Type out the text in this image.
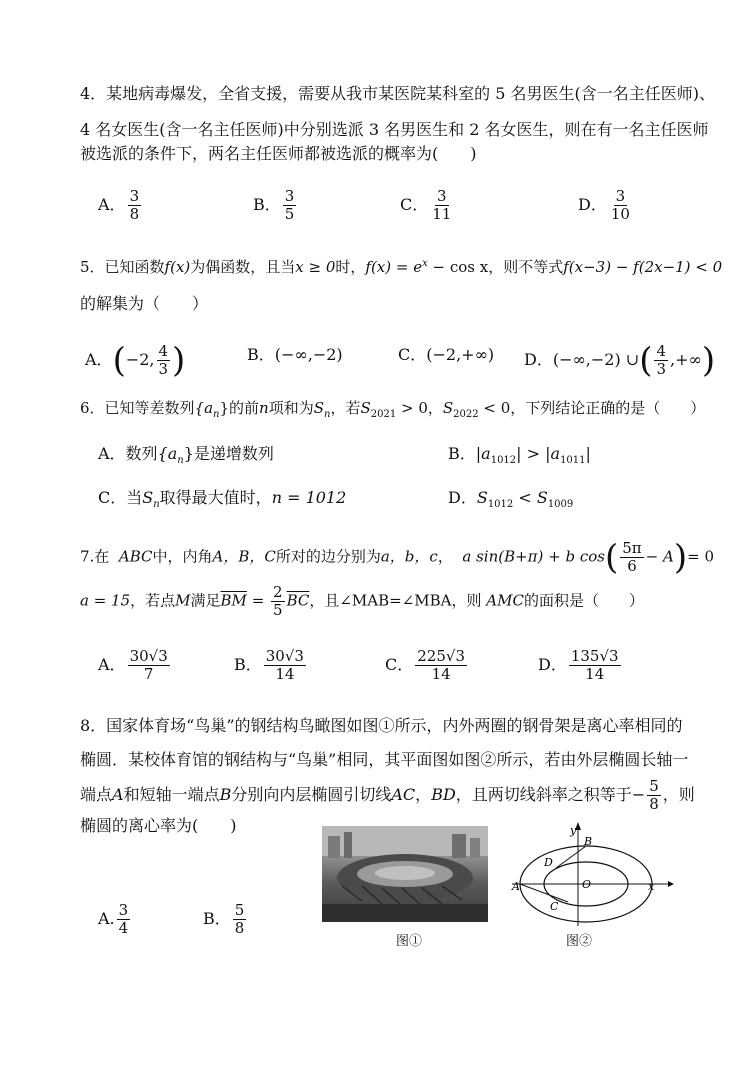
4．某地病毒爆发，全省支援，需要从我市某医院某科室的 5 名男医生(含一名主任医师)、
4 名女医生(含一名主任医师)中分别选派 3 名男医生和 2 名女医生，则在有一名主任医师
被选派的条件下，两名主任医师都被选派的概率为(　　)
A． $\frac{3}{8}$	B． $\frac{3}{5}$	C． $\frac{3}{11}$	D． $\frac{3}{10}$
5．已知函数f(x)为偶函数，且当x ≥ 0时，$f(x) = e^x - \cos x$，则不等式f(x−3) − f(2x−1) < 0
的解集为（　　）
A．(−2, $\frac{4}{3}$ )	B．(−∞,−2)	C．(−2,+∞) D．(−∞,−2) ∪( $\frac{4}{3}$ ,+∞)
6．已知等差数列$\{a_n\}$的前n项和为$S_n$，若$S_{2021} > 0$，$S_{2022} < 0$，下列结论正确的是（　　）
A．数列$\{a_n\}$是递增数列	B．$|a_{1012}| > |a_{1011}|$
C．当$S_n$取得最大值时，n = 1012	D．$S_{1012} < S_{1009}$
7.在 ABC中，内角A，B，C所对的边分别为a，b，c， a sin(B+π) + b $\cos( \frac{5\pi}{6} - A)= 0$
a = 15，若点M满足$\overline{BM} = \frac{2}{5} \overline{BC}$，且∠MAB=∠MBA，则 AMC的面积是（　　）
A． $\frac{30√3}{7}$	B． $\frac{30√3}{14}$	C． $\frac{225√3}{14}$	D． $\frac{135√3}{14}$
8．国家体育场“鸟巢”的钢结构鸟瞰图如图①所示，内外两圈的钢骨架是离心率相同的
椭圆．某校体育馆的钢结构与“鸟巢”相同，其平面图如图②所示，若由外层椭圆长轴一
端点A和短轴一端点B分别向内层椭圆引切线AC，BD，且两切线斜率之积等于− $\frac{5}{8}$ ，则
椭圆的离心率为(　　)
A. $\frac{3}{4}$	B． $\frac{5}{8}$
图①
y
x
A
B
C
D
O
图②
